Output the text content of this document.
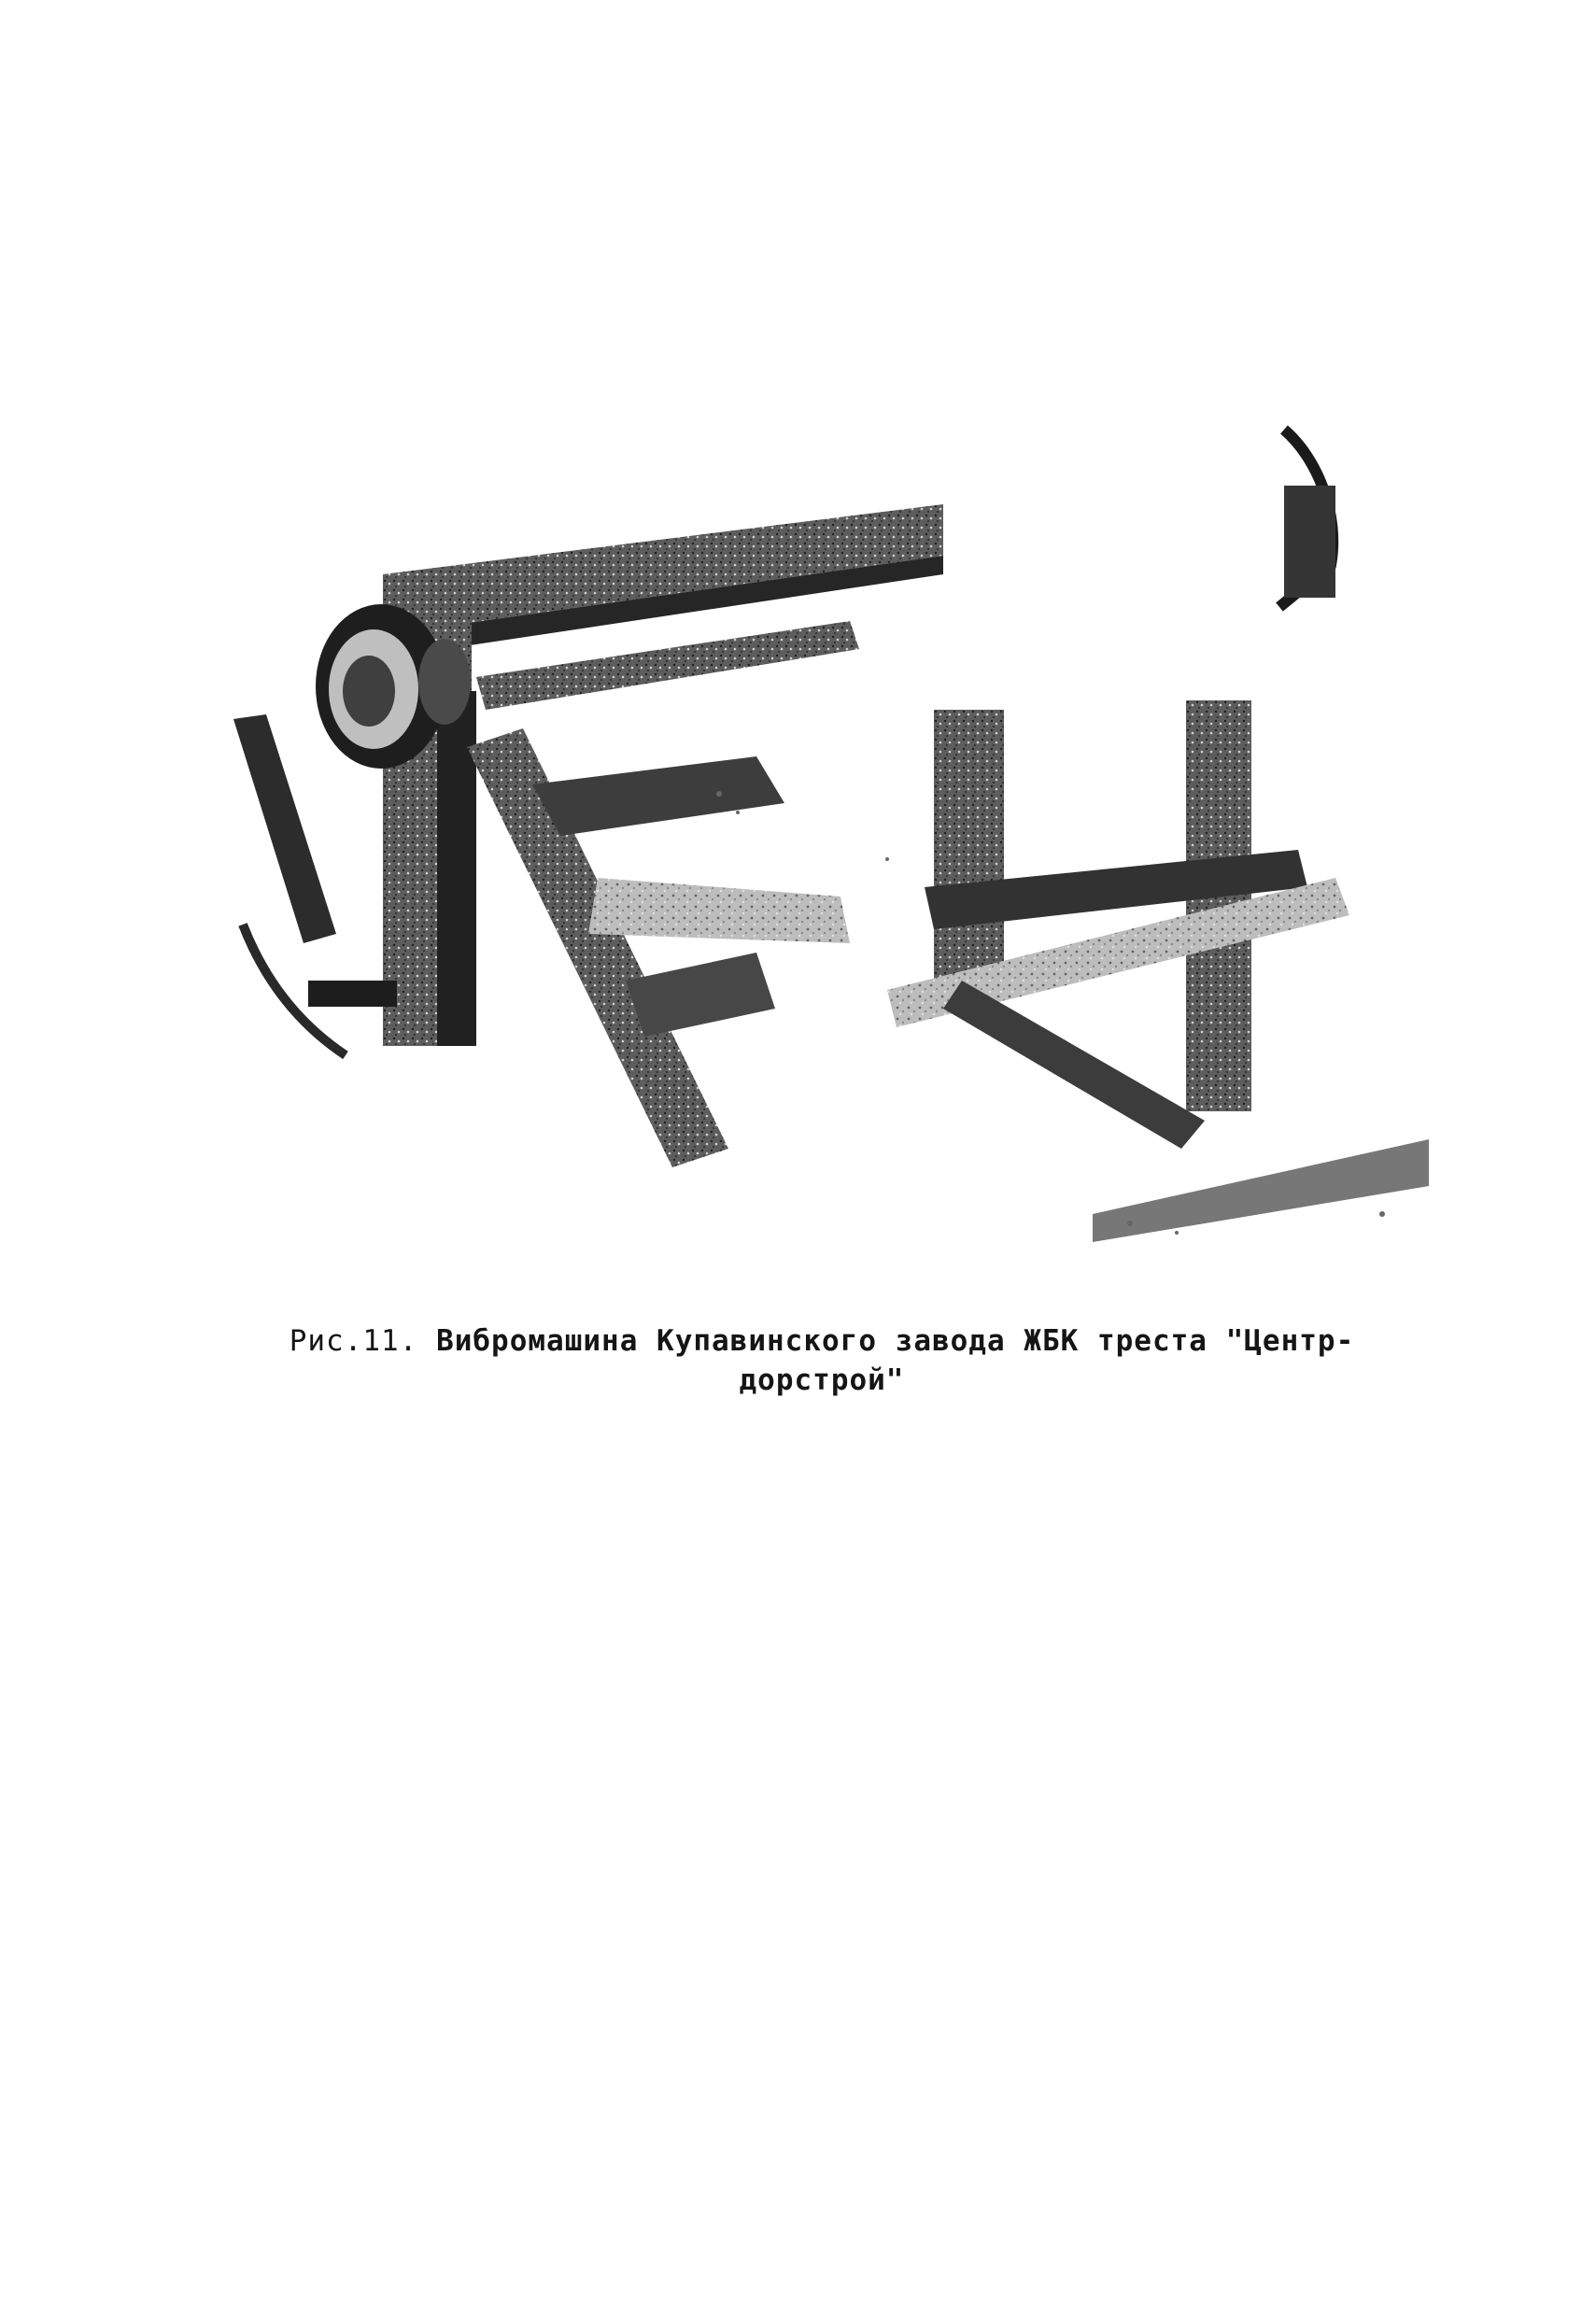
Рис.11. Вибромашина Купавинского завода ЖБК треста "Центр-дорстрой"
